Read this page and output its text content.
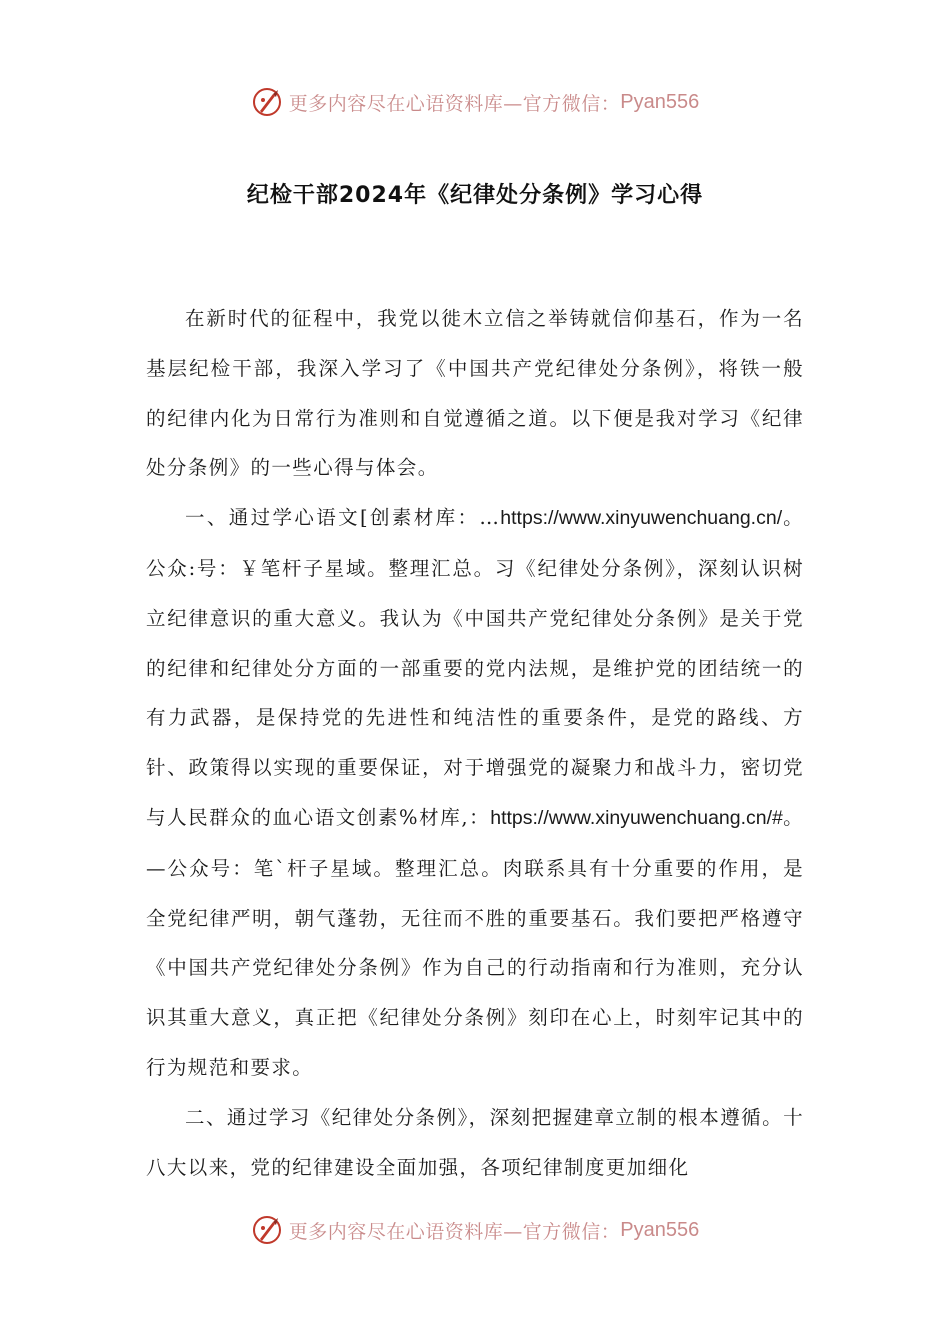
更多内容尽在心语资料库—官方微信： Pyan556
纪检干部2024年《纪律处分条例》学习心得

在新时代的征程中，我党以徙木立信之举铸就信仰基石，作为一名基层纪检干部，我深入学习了《中国共产党纪律处分条例》，将铁一般的纪律内化为日常行为准则和自觉遵循之道。以下便是我对学习《纪律处分条例》的一些心得与体会。

一、通过学心语文[创素材库：…https://www.xinyuwenchuang.cn/。公众:号：￥笔杆子星域。整理汇总。习《纪律处分条例》，深刻认识树立纪律意识的重大意义。我认为《中国共产党纪律处分条例》是关于党的纪律和纪律处分方面的一部重要的党内法规，是维护党的团结统一的有力武器，是保持党的先进性和纯洁性的重要条件，是党的路线、方针、政策得以实现的重要保证，对于增强党的凝聚力和战斗力，密切党与人民群众的血心语文创素%材库,：https://www.xinyuwenchuang.cn/#。—公众号：笔`杆子星域。整理汇总。肉联系具有十分重要的作用，是全党纪律严明，朝气蓬勃，无往而不胜的重要基石。我们要把严格遵守《中国共产党纪律处分条例》作为自己的行动指南和行为准则，充分认识其重大意义，真正把《纪律处分条例》刻印在心上，时刻牢记其中的行为规范和要求。

二、通过学习《纪律处分条例》，深刻把握建章立制的根本遵循。十八大以来，党的纪律建设全面加强，各项纪律制度更加细化

更多内容尽在心语资料库—官方微信： Pyan556
